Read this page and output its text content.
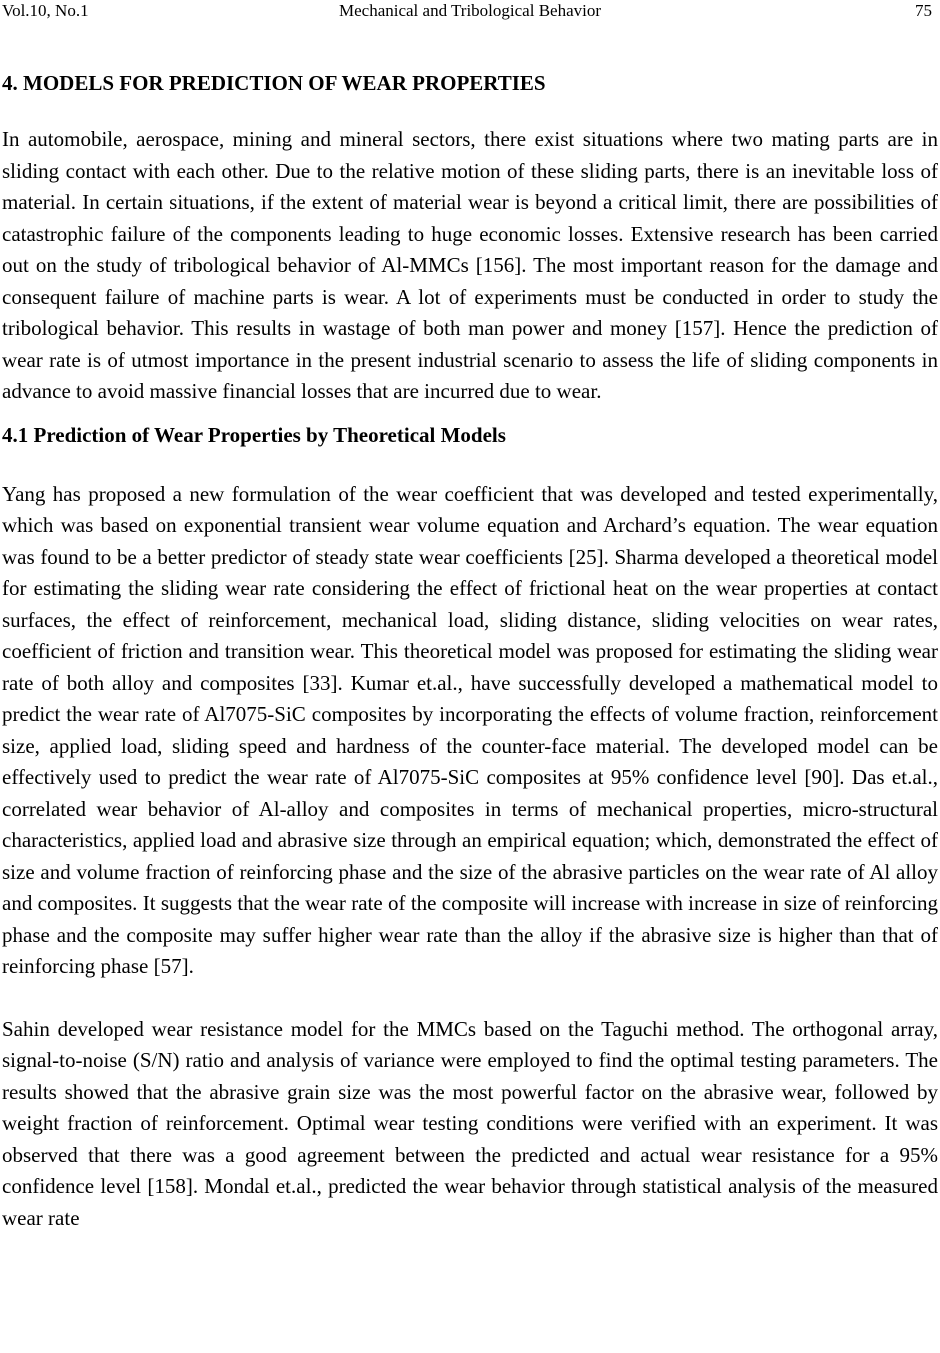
Vol.10, No.1	Mechanical and Tribological Behavior	75
4. MODELS FOR PREDICTION OF WEAR PROPERTIES

In automobile, aerospace, mining and mineral sectors, there exist situations where two mating parts are in sliding contact with each other. Due to the relative motion of these sliding parts, there is an inevitable loss of material. In certain situations, if the extent of material wear is beyond a critical limit, there are possibilities of catastrophic failure of the components leading to huge economic losses. Extensive research has been carried out on the study of tribological behavior of Al-MMCs [156]. The most important reason for the damage and consequent failure of machine parts is wear. A lot of experiments must be conducted in order to study the tribological behavior. This results in wastage of both man power and money [157]. Hence the prediction of wear rate is of utmost importance in the present industrial scenario to assess the life of sliding components in advance to avoid massive financial losses that are incurred due to wear.

4.1 Prediction of Wear Properties by Theoretical Models

Yang has proposed a new formulation of the wear coefficient that was developed and tested experimentally, which was based on exponential transient wear volume equation and Archard’s equation. The wear equation was found to be a better predictor of steady state wear coefficients [25]. Sharma developed a theoretical model for estimating the sliding wear rate considering the effect of frictional heat on the wear properties at contact surfaces, the effect of reinforcement, mechanical load, sliding distance, sliding velocities on wear rates, coefficient of friction and transition wear. This theoretical model was proposed for estimating the sliding wear rate of both alloy and composites [33]. Kumar et.al., have successfully developed a mathematical model to predict the wear rate of Al7075-SiC composites by incorporating the effects of volume fraction, reinforcement size, applied load, sliding speed and hardness of the counter-face material. The developed model can be effectively used to predict the wear rate of Al7075-SiC composites at 95% confidence level [90]. Das et.al., correlated wear behavior of Al-alloy and composites in terms of mechanical properties, micro-structural characteristics, applied load and abrasive size through an empirical equation; which, demonstrated the effect of size and volume fraction of reinforcing phase and the size of the abrasive particles on the wear rate of Al alloy and composites. It suggests that the wear rate of the composite will increase with increase in size of reinforcing phase and the composite may suffer higher wear rate than the alloy if the abrasive size is higher than that of reinforcing phase [57].

Sahin developed wear resistance model for the MMCs based on the Taguchi method. The orthogonal array, signal-to-noise (S/N) ratio and analysis of variance were employed to find the optimal testing parameters. The results showed that the abrasive grain size was the most powerful factor on the abrasive wear, followed by weight fraction of reinforcement. Optimal wear testing conditions were verified with an experiment. It was observed that there was a good agreement between the predicted and actual wear resistance for a 95% confidence level [158]. Mondal et.al., predicted the wear behavior through statistical analysis of the measured wear rate
